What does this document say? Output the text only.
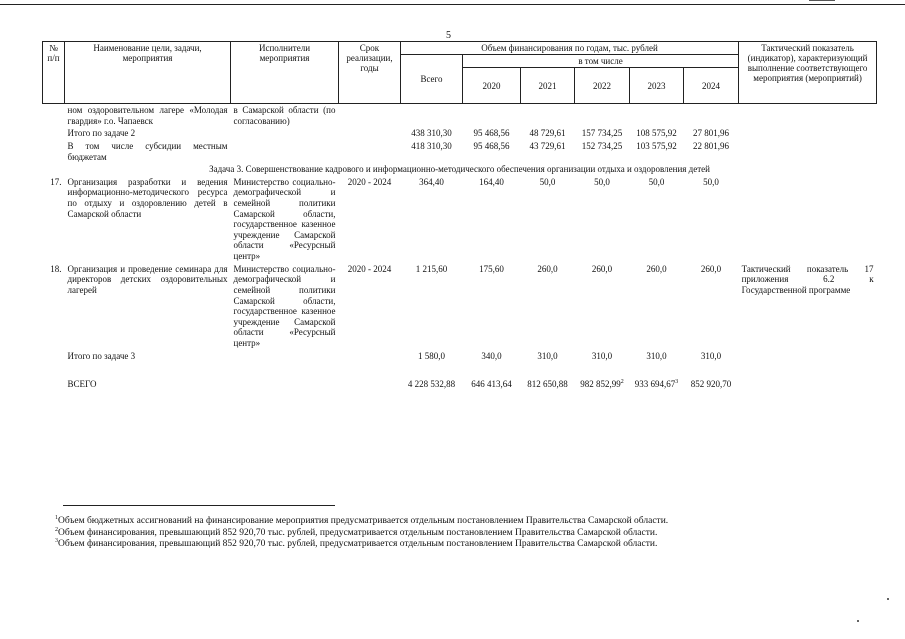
5
№ п/п	Наименование цели, задачи, мероприятия	Исполнители мероприятия	Срок реализации, годы	Объем финансирования по годам, тыс. рублей						Тактический показатель (индикатор), характеризующий выполнение соответствующего мероприятия (мероприятий)
				Всего	в том числе					
					2020	2021	2022	2023	2024	
	ном оздоровительном лагере «Молодая гвардия» г.о. Чапаевск	в Самарской области (по согласованию)								
	Итого по задаче 2			438 310,30	95 468,56	48 729,61	157 734,25	108 575,92	27 801,96	
	В том числе субсидии местным бюджетам			418 310,30	95 468,56	43 729,61	152 734,25	103 575,92	22 801,96	
Задача 3. Совершенствование кадрового и информационно-методического обеспечения организации отдыха и оздоровления детей										
17.	Организация разработки и ведения информационно-методического ресурса по отдыху и оздоровлению детей в Самарской области	Министерство социально-демографической и семейной политики Самарской области, государственное казенное учреждение Самарской области «Ресурсный центр»	2020 - 2024	364,40	164,40	50,0	50,0	50,0	50,0	
18.	Организация и проведение семинара для директоров детских оздоровительных лагерей	Министерство социально-демографической и семейной политики Самарской области, государственное казенное учреждение Самарской области «Ресурсный центр»	2020 - 2024	1 215,60	175,60	260,0	260,0	260,0	260,0	Тактический показатель 17 приложения 6.2 к Государственной программе
	Итого по задаче 3			1 580,0	340,0	310,0	310,0	310,0	310,0	

	ВСЕГО			4 228 532,88	646 413,64	812 650,88	982 852,99$^2$	933 694,67$^3$	852 920,70	
$^1$Объем бюджетных ассигнований на финансирование мероприятия предусматривается отдельным постановлением Правительства Самарской области.
$^2$Объем финансирования, превышающий 852 920,70 тыс. рублей, предусматривается отдельным постановлением Правительства Самарской области.
$^3$Объем финансирования, превышающий 852 920,70 тыс. рублей, предусматривается отдельным постановлением Правительства Самарской области.
